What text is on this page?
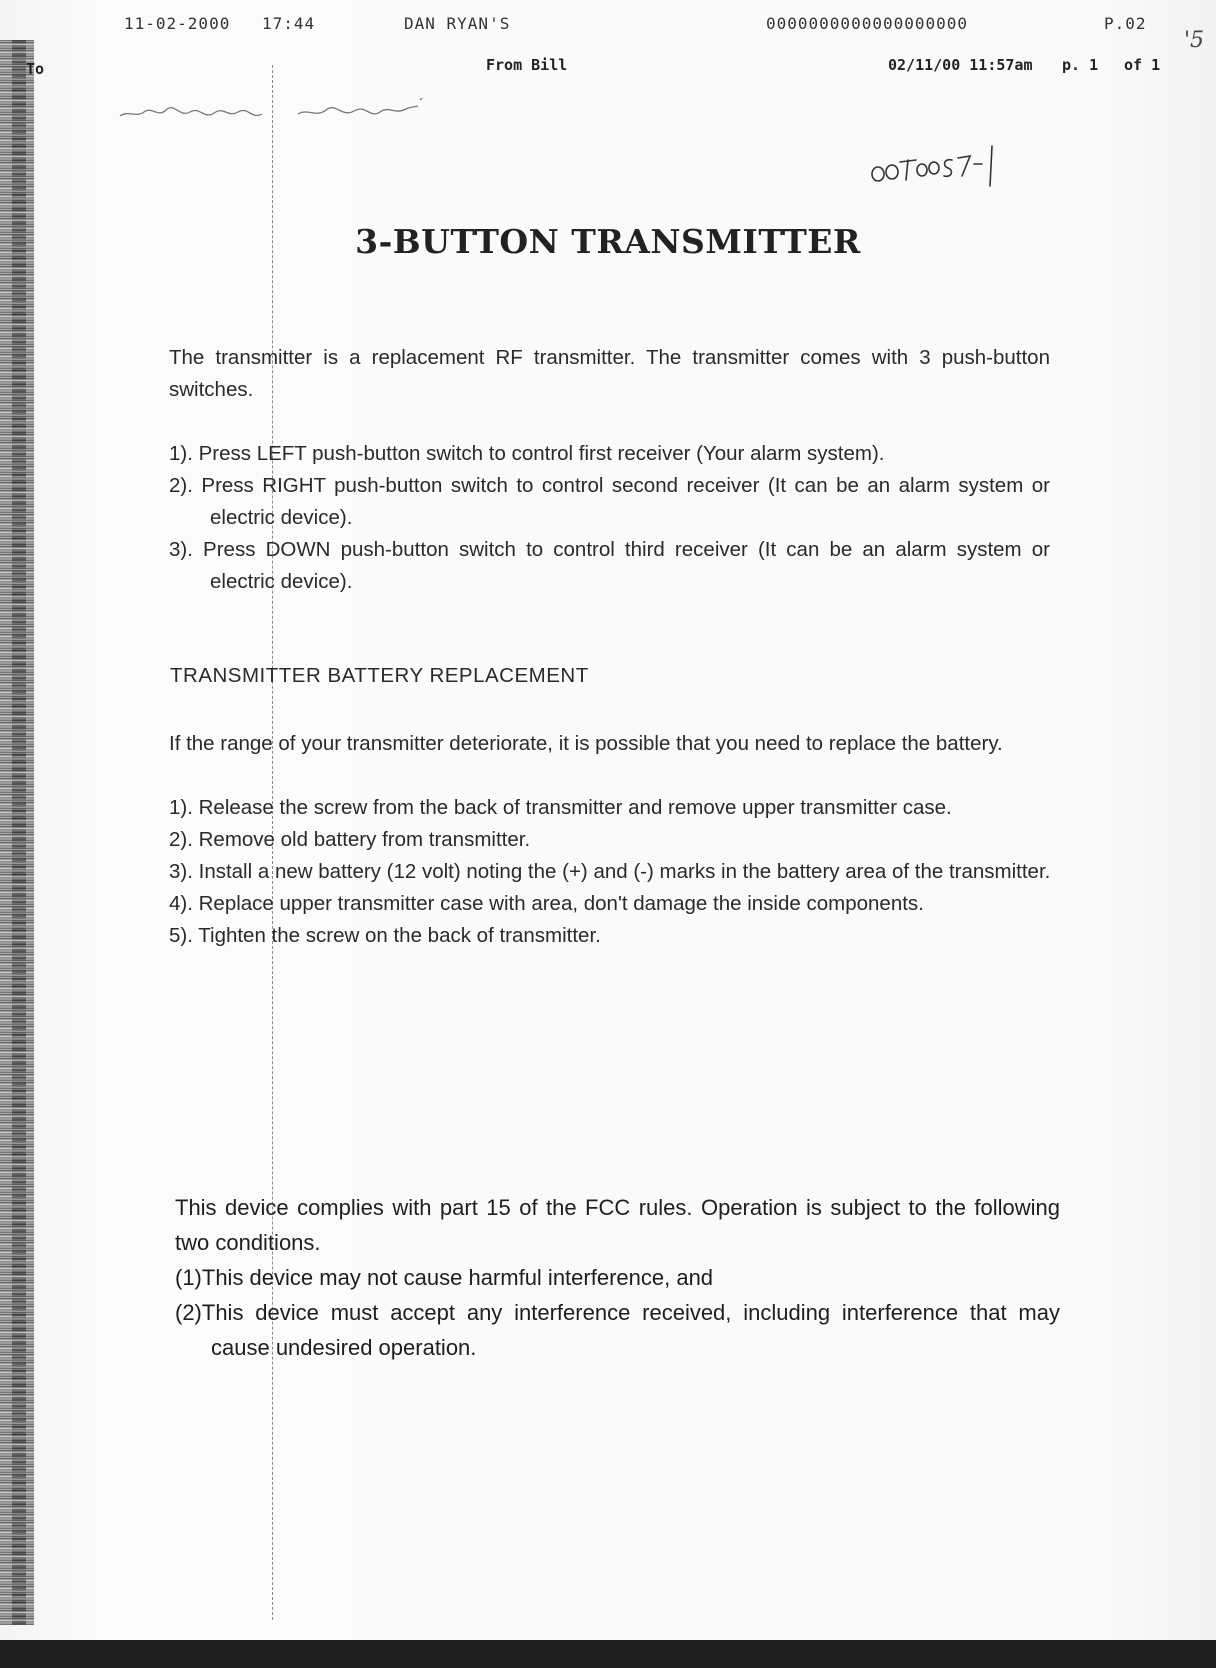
11-02-2000 17:44	DAN RYAN'S	0000000000000000000	P.02
To	From Bill	02/11/00 11:57am p. 1 of 1
'5
3-BUTTON TRANSMITTER

The transmitter is a replacement RF transmitter. The transmitter comes with 3 push-button switches.

1). Press LEFT push-button switch to control first receiver (Your alarm system).

2). Press RIGHT push-button switch to control second receiver (It can be an alarm system or electric device).

3). Press DOWN push-button switch to control third receiver (It can be an alarm system or electric device).

TRANSMITTER BATTERY REPLACEMENT

If the range of your transmitter deteriorate, it is possible that you need to replace the battery.

1). Release the screw from the back of transmitter and remove upper transmitter case.

2). Remove old battery from transmitter.

3). Install a new battery (12 volt) noting the (+) and (-) marks in the battery area of the transmitter.

4). Replace upper transmitter case with area, don't damage the inside components.

5). Tighten the screw on the back of transmitter.

This device complies with part 15 of the FCC rules. Operation is subject to the following two conditions.

(1)This device may not cause harmful interference, and

(2)This device must accept any interference received, including interference that may cause undesired operation.
